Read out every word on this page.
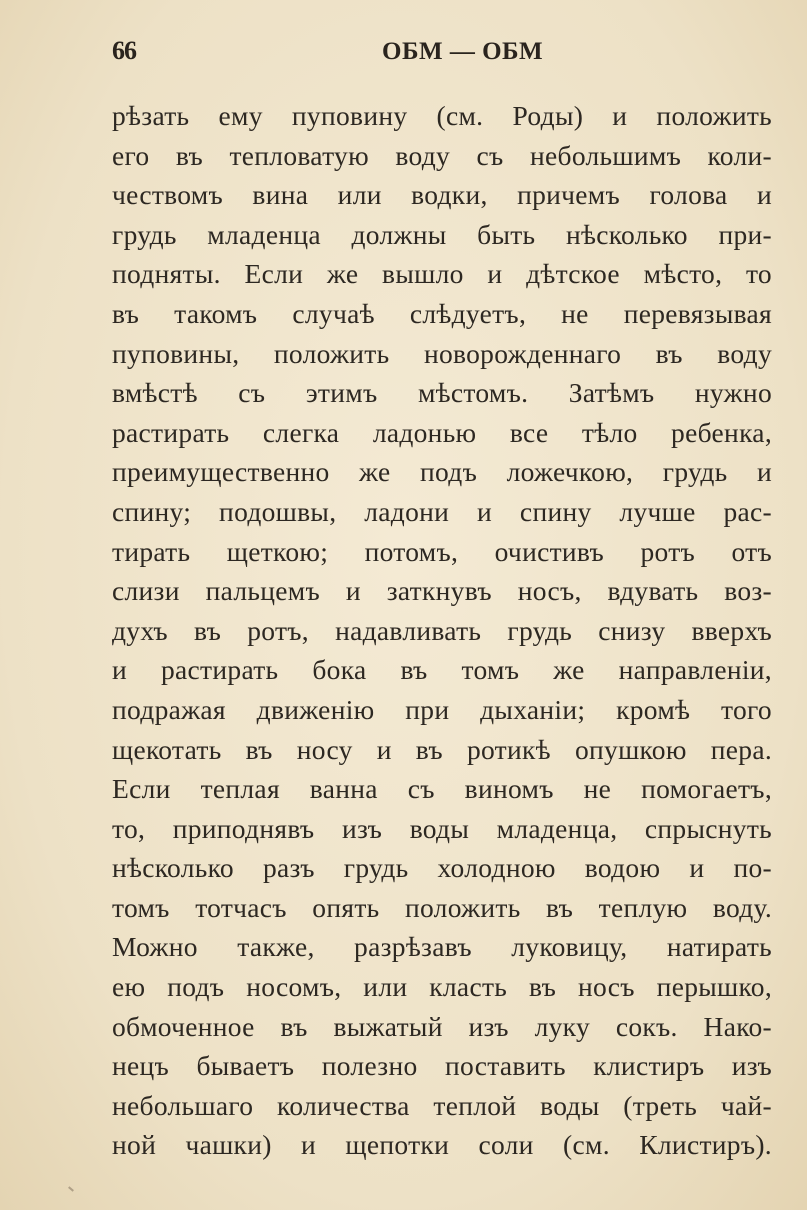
66	ОБМ — ОБМ
рѣзать ему пуповину (см. Роды) и положить
его въ тепловатую воду съ небольшимъ коли-
чествомъ вина или водки, причемъ голова и
грудь младенца должны быть нѣсколько при-
подняты. Если же вышло и дѣтское мѣсто, то
въ такомъ случаѣ слѣдуетъ, не перевязывая
пуповины, положить новорожденнаго въ воду
вмѣстѣ съ этимъ мѣстомъ. Затѣмъ нужно
растирать слегка ладонью все тѣло ребенка,
преимущественно же подъ ложечкою, грудь и
спину; подошвы, ладони и спину лучше рас-
тирать щеткою; потомъ, очистивъ ротъ отъ
слизи пальцемъ и заткнувъ носъ, вдувать воз-
духъ въ ротъ, надавливать грудь снизу вверхъ
и растирать бока въ томъ же направленіи,
подражая движенію при дыханіи; кромѣ того
щекотать въ носу и въ ротикѣ опушкою пера.
Если теплая ванна съ виномъ не помогаетъ,
то, приподнявъ изъ воды младенца, спрыснуть
нѣсколько разъ грудь холодною водою и по-
томъ тотчасъ опять положить въ теплую воду.
Можно также, разрѣзавъ луковицу, натирать
ею подъ носомъ, или класть въ носъ перышко,
обмоченное въ выжатый изъ луку сокъ. Нако-
нецъ бываетъ полезно поставить клистиръ изъ
небольшаго количества теплой воды (треть чай-
ной чашки) и щепотки соли (см. Клистиръ).
